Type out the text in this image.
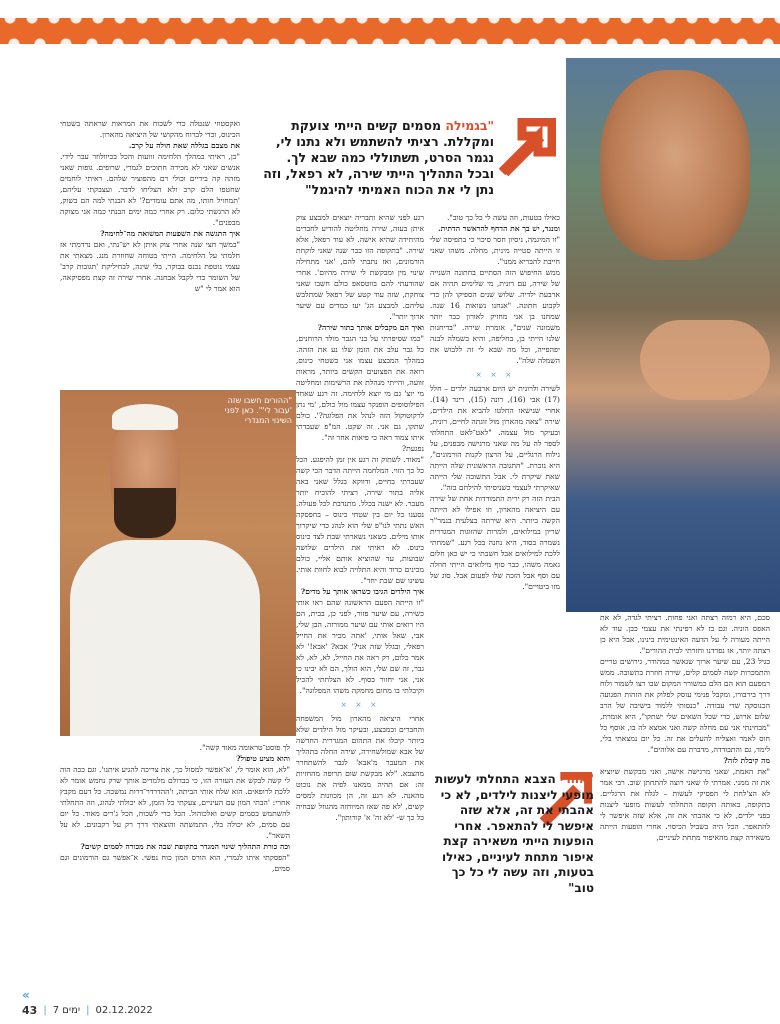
"ההורים חשבו שזה 'עבור לי'". כאן לפני השינוי המגדרי
"בגמילה מסמים קשים הייתי צועקת ומקללת. רציתי להשתמש ולא נתנו לי, נגמר הסרט, תשתוללי כמה שבא לך. ובכל התהליך הייתי שירה, לא רפאל, וזה נתן לי את הכוח האמיתי להיגמל"
"אחרי הצבא התחלתי לעשות מופעי ליצנות לילדים, לא כי אהבתי את זה, אלא שזה איפשר לי להתאפר. אחרי הופעות הייתי משאירה קצת איפור מתחת לעיניים, כאילו בטעות, וזה עשה לי כל כך טוב"

כאילו בטעות, וזה עשה לי כל כך טוב".

ומנגד, יש בך את הדחף להראשר הדתית.

"זו המיגמה, ניסיון חסר סיכוי כי בתפיסה שלי זו הייתה סטייה מינית, מחלה. משהו שאני חייבת להבריא ממנו".

ממש החיפוש הזה הסתיים בחתונה השנייה של שירה, עם רונית, מי שלימים תהיה אם ארבעת ילדיה. שלוש שנים הספיקו להן כדי לקבוע חתונה. "אנחנו נשואות 16 שנה. שמחנו בן אני מחזיק לאורון כבר יותר משמונה שנים", אומרת שירה. "בדיחנות שלנו הייתי בן, בחליפה, והיא בשמלה לבנה יפהפייה, וכל מה שבא לי זה ללבוש את השמלה שלה".

× × ×

לשירה ולרונית יש היום ארבעה ילדים – חלל (17) אבי (16), רונה (15), רינד (14). אחרי שנישאו החלטו להביא את הילדים, שירה "צאה מהארון מול זוגתה לחיים, רונית, ובעיקר מול עצמה. "לאט־לאט התחלתי לספר לה על מה שאני מרגישה מבפנים, על גילוח הרגליים, על הרצון לקנות הורמונים", היא נזכרת. "התגובה הראשונית שלה הייתה שאת שיקרת לי. אבל התשובה שלי הייתה שאיקרתי לעצמי כשניסיתי להילחם בזה".

הבית הזה רק ירית התמודדות אחת של שירה עם היציאה מהארון, וזו אפילו לא הייתה הקשה ביותר. היא שירתה בצלעית בנמר"ר שריון במילואים, ולמרות שהזוגות המגדרית נשמרה בסוד, היא נחנה בכל רגע. "שמחתי ללכת למילואים אבל חשבתי כי יש כאן חלום גאמה משהו, כבר סוף מילואים הייתי חוזלה עם וסף אבל הזכה שלו לפעום אבל. סוג של מזו ביטויים".

רגע לפני שהיא ותבריה יוצאים למבצע צוק איתן בעזה, שירה מחליטה להודיע לחברים מהיחידה שהיא אישה. לא עוד רפאל, אלא שירה. "בתקופה הזו כבר שנה שאני לוקחת הורמונים, ואז נתבתי להם, 'אני מתחילה שינוי מין ומבקשת לי שירה מהיום'. אחרי שהודעתי להם בווטסאפ כולם חשבו שאני צוחקת, שזה עוד קטע של רפאל שמתלבש עליהם. למבצע הג' יעז כמדים עם שיער ארוך יותר".

ואיך הם מקבלים אותך בתור שירה?

"כמו שסיפרתי על בני הגבר מולד הרוחנים, כל גבר עלב את הזמן שלו נע את הזהה. במהלך המבצע עצמו אני בשטחי כינוס, רואה את הפצועים הקשים ביותר, מראות זוועה, והייתי מנהלת את הרשימות ומחליטה מי יוצ' גם מי יוצא ללחימה. זה רגע שאחד הפילוסופים הופנקר עצמו מול כולם, 'מי נתן לרקוטוקול הזה לנהל את הפלוגה?'. כולם שתקו, גם אני. זה שקט. המ"פ שעבדתי איתו צמוד ראה כי פיאות אחר זה".

נפגעת?

"מאוד. לשתוק זה רגע אין זמן להיפגע. הכל כל כך הזוי. המלחמה הייתה הדבר הכי קשה שעברתי בחיים, ודווקא בגלל שאני באה אליה בתור שירה, רציתי להוכיח יותר מעבר. לא ישנה בכלל. מתנדבת לכל פעולה. נסענו כל יום בין שטחי כינוס – בחפסקה האש נתתי לנו"פ שלי הוא לנהג כדי שיקרוך אותו מילים. כשאני נשארתי שבת לצד כינוס כינוס. לא ראיתי את הילדים שלושה שבועות, עד שהוציא אותם אליי, כולם מכינים כדוד והיא התלויה לבוא לחוות אותי. עשינו שם שבת יחד".

איך הילדים הגיבו כשראו אותך על מדים?

"זו הייתה הפעם הראשונה שהם ראו אותי כשירה, עם שיער פזור, לפני כן, בבית, הם היו רואים אותי עם שיער ממורזה. הבן שלי, אבי, שאל אותי, 'אתה מכיר את החייל רפאלי, ובגלל שזה אני?' אבא? 'אבא!' לא אמר כלום, רק ראה את החייל, לא, לא, לא גבר, זה שם שלי, הוא הולך, הם לא יבינו כי אני, אני יחזור בסוף. לא הצלחתי להכיל וקיבלתי בו מחום מחמקה משהו המפלוגה".

× × ×

אחרי היציאה מהארון מול המשפחה והחברים ובמבצע, ובעיקר מול הילדים שלא ביותר קיבלו את התהום המגדרית החדשה של אבא שמולשחירה, שירה החלה בתהליך את המעבר מ'אבא' לגבר להשתחרר מהצבא. "לא מבקשת שום תרופה מהחזיות זה: אם תהיה ממאנו לפיה את נוכוט מהאנה. לא רגע זה, הן מכוונות למסים קשים, 'לא פה שאז המיוחזה מהגוזל שבחיה כל כך ש- 'לא זה' א' קורותון".

ואקסטוזי שנטלה כדי לשכוח את המראות שראתה בשטחי הכינוס, וכדי לברוח מהקושי של היציאה מהארון.

את מצבם בגללה שאת חולה על קרב.

"כן, ראיתי במהלך הלחימה זוועות והכל בכיוולוזר עבר לידי. אנשים שאני לא מכירה חתוכים לגמרי, שרופים. גופות שאני מזהה קה בידיים וכולי רם מהפוציר שלהם. ראיתי לוחמים שחטפו הלם קרב ולא הצליחו לדבר. ועצבקתי עליהם, 'תמחויל חותו, מה אתם עומדים?' לא הבנתי למה הם בשוק, לא הרגשתי כלום. רק אחרי כמה ימים הבנתי כמה אני מצוקה מבפנים".

איך התגשה את השפעות המשואה מה־לחימה?

"במשך חצי שנה אחרי צוק איתן לא יש־נתי, ואם נרדמתי אז חלמתי על הלחימה. הייתי בטוחה שחוזרת מנג. מצאתי את עצמי נוטפת נכנס בבוקר, בלי שינה, לבחיליקת 'תגובות קרב' של השומר כדי לקבל אבחנה. אחרי שירה זה קצת מפסיקאה, הוא אמר לי "ש

לך פוסט־טראומה מאוד קשה".

והוא מציע טיפול?

"לא, הוא אומר לי, 'א־אפשר למסול כך, את צריכה להגיע איתנו'. וגם ככה הוה לי קשה לבקש את העזרה הזו, כי בבדולם מלמדים אותך שרק נחמש אומר לא ללכת לרופאים. הוא שלח אותי הביתה, ו'ההדרדר־דרות נמשכה. כל דעם מקבץ אחרי: 'הבתי המון עם העיניים, צעקתי כל הזמן, לא יכולתי לנהוג, וזה התחלתי להשתמש בסמים קשים ואלכוהול. הכל כדי לשכוח, הכל ג'רים מאוד. כל יום עם סמים, לא יכולה בלי, התמשתה והוצאתי דרך רק על רקבונים. לא על השאר".

וכה כורת התהליך שינוי המגדר בתקופת שבה את מכורה לסמים קשים?

"הפסקתי איתו לגמרי, הוא הורס המון כוח נפשי. א־אפשר גם הורמונים וגם סמים,

סכם, היא רמזה רצתה ואני פחות. רציתי לגדה, לא את האפס הוניה. וגם בז לא רפינתי את עצמי כבן. עוד לא הייתה מעורה לי על הדעה האינטימית בינינו, אבל היא כן רצתה יותר, אז נפרדנו וחזרתי לבית ההורים".

בגיל 23, עם שיער ארוך שגאשר כמהודר, גירושים טריים והתמכרות קשה לסמים קלים, שירה חוזרת בתשובה. ממש רמפעם הוא הם הלם כמשורר המקום שבו רצו לשמור ולוח דרך בירבורו, ומקבל פנימי עוסק לפלוק את הזהות הפגועה הכנוסקה שדי עבודה. "כנסותי ללמוד בישיבה של הרב שלום ארוש, כדי שכל השאים שלי ישתקו", היא אומרת, "מבחינתי אני עם מחלה קשה ואני אמצא לה בו, אוסף כל חוס לאמר ואצליח להעלים את זה. כל יום נמצאתי בלי, לימד, גם והתבודדה, מדברת עם אלוהים".

מה קיבלת לזה?

"את האמת, שאני מרגישה אישה, ואני מבקשת שיוציא את זה ממני. אמרתי לו שאני רוצה להתחתן שוב. רבי אמר לא הצ'לחת לי הפסיקי לעשות – לגלח את הרגליים. בתקופה, באותה תקופה התחלתי לעשות מופעי ליצנות בפני ילדים, לא כי אהבתי את זה, אלא שזה איפשר לי להתאפר. הכל היה בשביל הכיסוי. אחרי הופעות הייתה משאירה קצת מהאיפור מתחת לעיניים,

«
43 | 7 ימים | 02.12.2022
